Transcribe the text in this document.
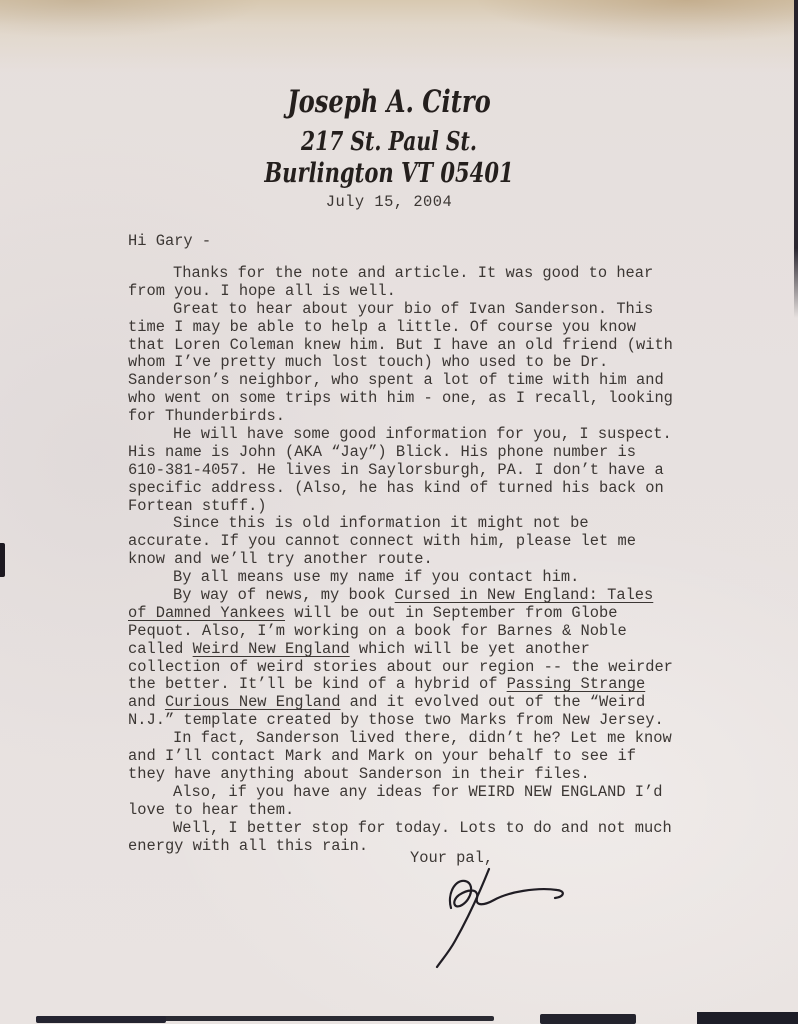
Joseph A. Citro
217 St. Paul St.
Burlington VT 05401
July 15, 2004
Hi Gary -
Thanks for the note and article. It was good to hear
from you. I hope all is well.
Great to hear about your bio of Ivan Sanderson. This
time I may be able to help a little. Of course you know
that Loren Coleman knew him. But I have an old friend (with
whom I’ve pretty much lost touch) who used to be Dr.
Sanderson’s neighbor, who spent a lot of time with him and
who went on some trips with him - one, as I recall, looking
for Thunderbirds.
He will have some good information for you, I suspect.
His name is John (AKA “Jay”) Blick. His phone number is
610-381-4057. He lives in Saylorsburgh, PA. I don’t have a
specific address. (Also, he has kind of turned his back on
Fortean stuff.)
Since this is old information it might not be
accurate. If you cannot connect with him, please let me
know and we’ll try another route.
By all means use my name if you contact him.
By way of news, my book Cursed in New England: Tales
of Damned Yankees will be out in September from Globe
Pequot. Also, I’m working on a book for Barnes & Noble
called Weird New England which will be yet another
collection of weird stories about our region -- the weirder
the better. It’ll be kind of a hybrid of Passing Strange
and Curious New England and it evolved out of the “Weird
N.J.” template created by those two Marks from New Jersey.
In fact, Sanderson lived there, didn’t he? Let me know
and I’ll contact Mark and Mark on your behalf to see if
they have anything about Sanderson in their files.
Also, if you have any ideas for WEIRD NEW ENGLAND I’d
love to hear them.
Well, I better stop for today. Lots to do and not much
energy with all this rain.
Your pal,
